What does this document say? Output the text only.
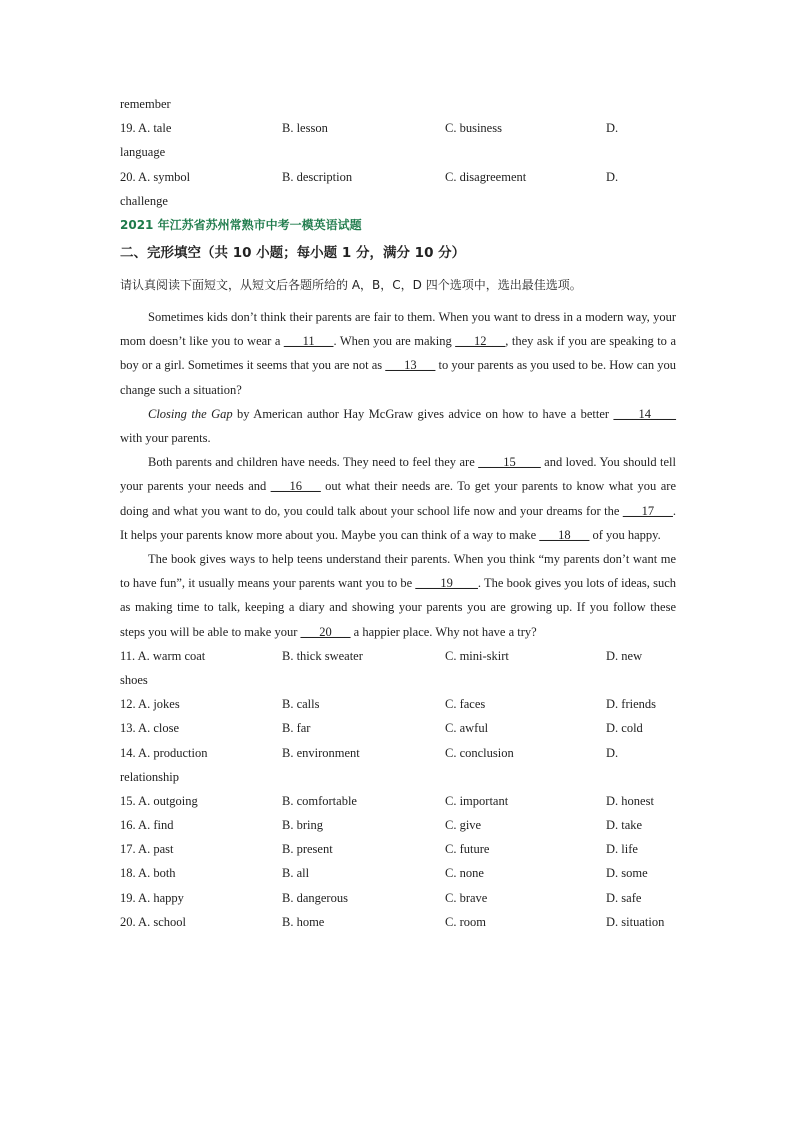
remember
19. A. tale	B. lesson	C. business	D.
language
20. A. symbol	B. description	C. disagreement	D.
challenge
2021 年江苏省苏州常熟市中考一模英语试题
二、完形填空（共 10 小题；每小题 1 分，满分 10 分）
请认真阅读下面短文，从短文后各题所给的 A，B，C，D 四个选项中，选出最佳选项。

Sometimes kids don’t think their parents are fair to them. When you want to dress in a modern way, your mom doesn’t like you to wear a ___11___. When you are making ___12___, they ask if you are speaking to a boy or a girl. Sometimes it seems that you are not as ___13___ to your parents as you used to be. How can you change such a situation?

Closing the Gap by American author Hay McGraw gives advice on how to have a better ____14____ with your parents.

Both parents and children have needs. They need to feel they are ____15____ and loved. You should tell your parents your needs and ___16___ out what their needs are. To get your parents to know what you are doing and what you want to do, you could talk about your school life now and your dreams for the ___17___. It helps your parents know more about you. Maybe you can think of a way to make ___18___ of you happy.

The book gives ways to help teens understand their parents. When you think “my parents don’t want me to have fun”, it usually means your parents want you to be ____19____. The book gives you lots of ideas, such as making time to talk, keeping a diary and showing your parents you are growing up. If you follow these steps you will be able to make your ___20___ a happier place. Why not have a try?

11. A. warm coat	B. thick sweater	C. mini-skirt	D. new
shoes
12. A. jokes	B. calls	C. faces	D. friends
13. A. close	B. far	C. awful	D. cold
14. A. production	B. environment	C. conclusion	D.
relationship
15. A. outgoing	B. comfortable	C. important	D. honest
16. A. find	B. bring	C. give	D. take
17. A. past	B. present	C. future	D. life
18. A. both	B. all	C. none	D. some
19. A. happy	B. dangerous	C. brave	D. safe
20. A. school	B. home	C. room	D. situation
